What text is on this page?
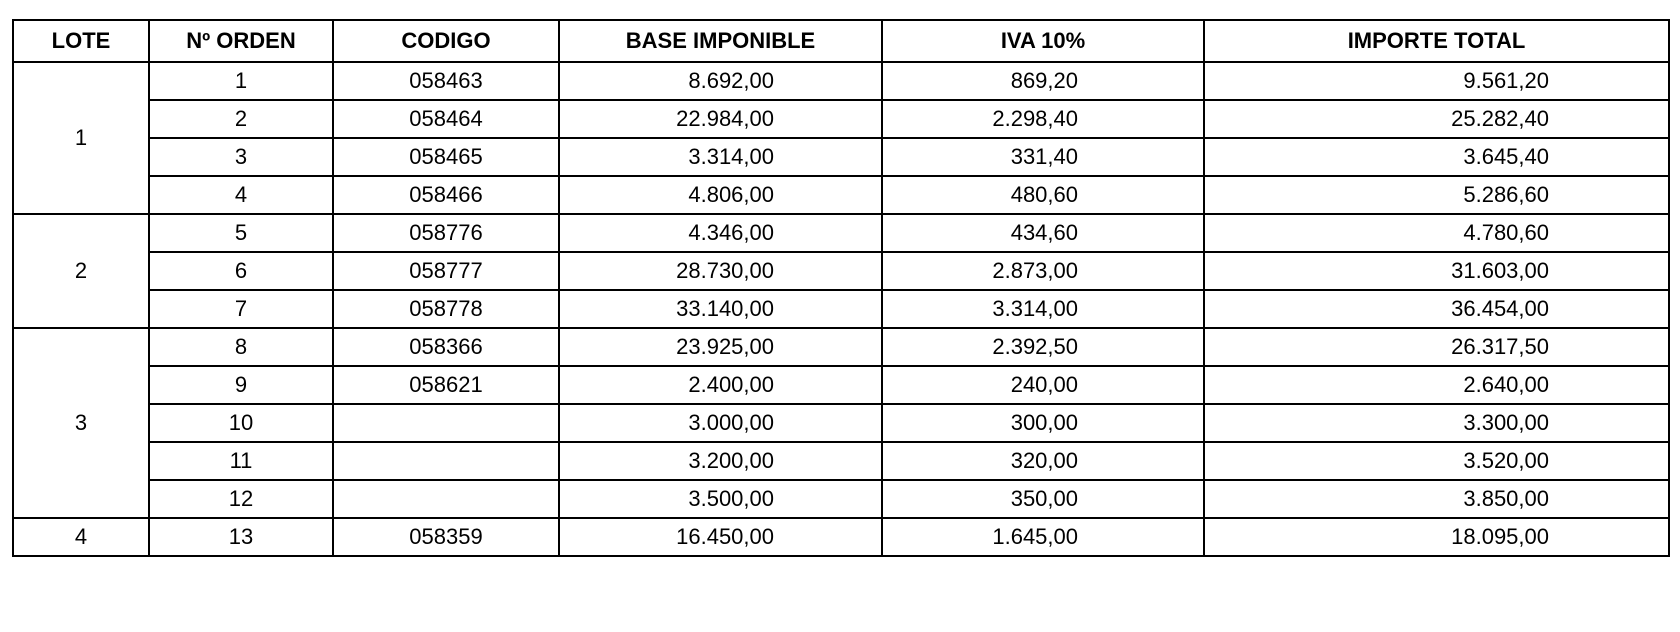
LOTE	Nº ORDEN	CODIGO	BASE IMPONIBLE	IVA 10%	IMPORTE TOTAL
1	1	058463	8.692,00	869,20	9.561,20
	2	058464	22.984,00	2.298,40	25.282,40
	3	058465	3.314,00	331,40	3.645,40
	4	058466	4.806,00	480,60	5.286,60
2	5	058776	4.346,00	434,60	4.780,60
	6	058777	28.730,00	2.873,00	31.603,00
	7	058778	33.140,00	3.314,00	36.454,00
3	8	058366	23.925,00	2.392,50	26.317,50
	9	058621	2.400,00	240,00	2.640,00
	10		3.000,00	300,00	3.300,00
	11		3.200,00	320,00	3.520,00
	12		3.500,00	350,00	3.850,00
4	13	058359	16.450,00	1.645,00	18.095,00
